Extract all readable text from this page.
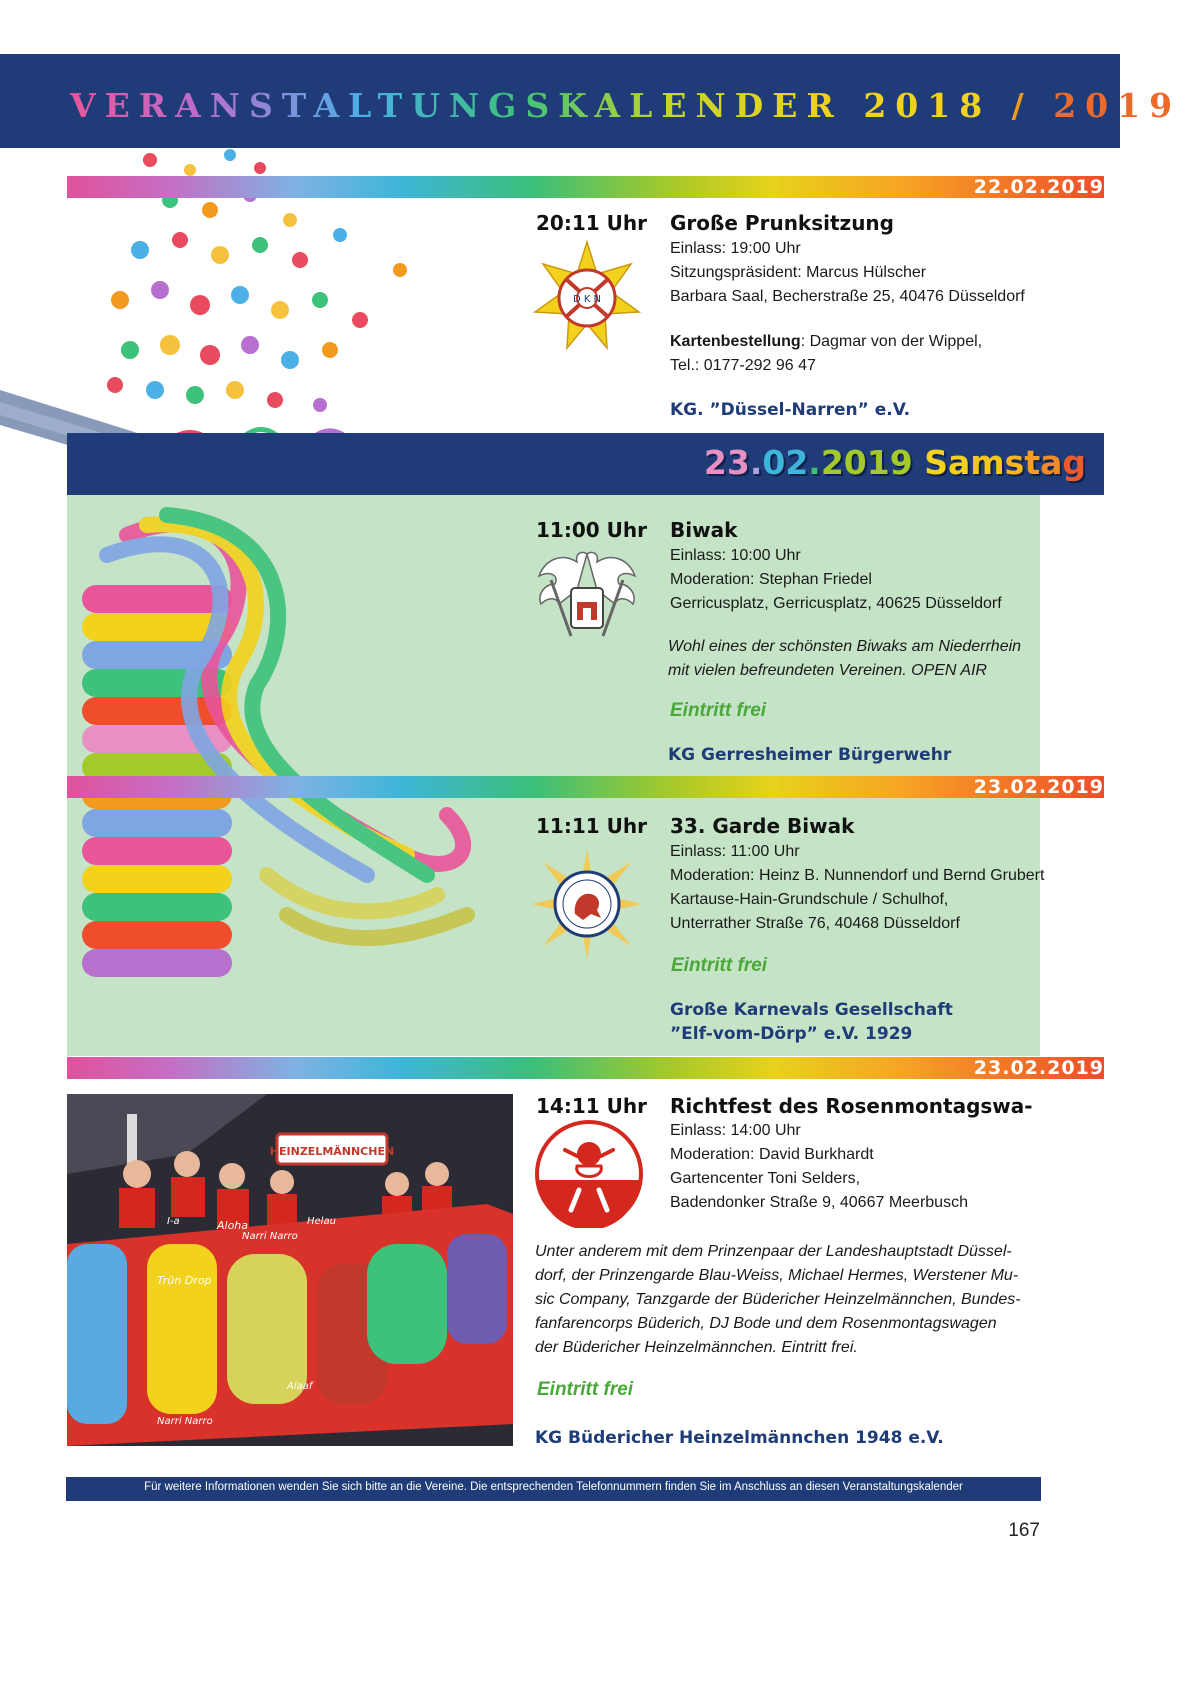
VERANSTALTUNGSKALENDER 2018 / 2019
22.02.2019
20:11 Uhr Große Prunksitzung
D K N
Einlass: 19:00 Uhr
Sitzungspräsident: Marcus Hülscher
Barbara Saal, Becherstraße 25, 40476 Düsseldorf
Kartenbestellung: Dagmar von der Wippel,
Tel.: 0177-292 96 47
KG. ”Düssel-Narren” e.V.
23.02.2019 Samstag
11:00 Uhr Biwak
Einlass: 10:00 Uhr
Moderation: Stephan Friedel
Gerricusplatz, Gerricusplatz, 40625 Düsseldorf
Wohl eines der schönsten Biwaks am Niederrhein
mit vielen befreundeten Vereinen. OPEN AIR
Eintritt frei
KG Gerresheimer Bürgerwehr
23.02.2019
11:11 Uhr 33. Garde Biwak
Einlass: 11:00 Uhr
Moderation: Heinz B. Nunnendorf und Bernd Grubert
Kartause-Hain-Grundschule / Schulhof,
Unterrather Straße 76, 40468 Düsseldorf
Eintritt frei
Große Karnevals Gesellschaft
”Elf-vom-Dörp” e.V. 1929
23.02.2019
HEINZELMÄNNCHEN
Trün Drop
Aloha
Narri Narro
Helau
Narri Narro
Alaaf
I-a
14:11 Uhr Richtfest des Rosenmontagswa-
Einlass: 14:00 Uhr
Moderation: David Burkhardt
Gartencenter Toni Selders,
Badendonker Straße 9, 40667 Meerbusch
Unter anderem mit dem Prinzenpaar der Landeshauptstadt Düssel-
dorf, der Prinzengarde Blau-Weiss, Michael Hermes, Werstener Mu-
sic Company, Tanzgarde der Büdericher Heinzelmännchen, Bundes-
fanfarencorps Büderich, DJ Bode und dem Rosenmontagswagen
der Büdericher Heinzelmännchen. Eintritt frei.
Eintritt frei
KG Büdericher Heinzelmännchen 1948 e.V.
Für weitere Informationen wenden Sie sich bitte an die Vereine. Die entsprechenden Telefonnummern finden Sie im Anschluss an diesen Veranstaltungskalender
167
